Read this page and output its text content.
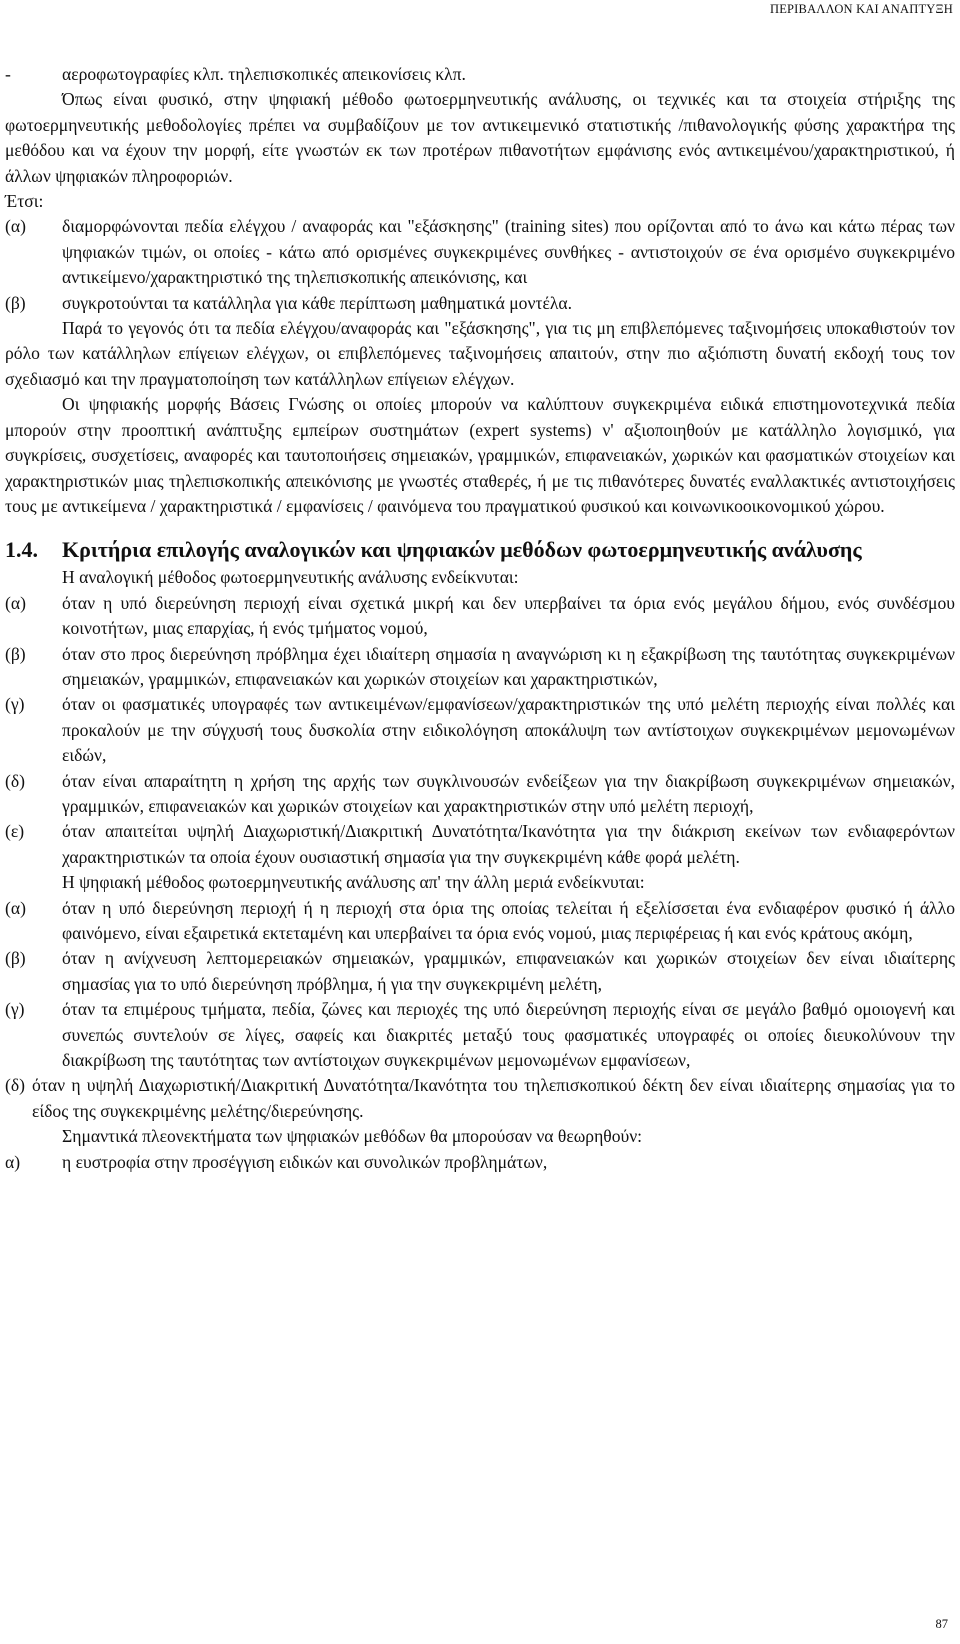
ΠΕΡΙΒΑΛΛΟΝ ΚΑΙ ΑΝΑΠΤΥΞΗ
-	αεροφωτογραφίες κλπ. τηλεπισκοπικές απεικονίσεις κλπ.

Όπως είναι φυσικό, στην ψηφιακή μέθοδο φωτοερμηνευτικής ανάλυσης, οι τεχνικές και τα στοιχεία στήριξης της φωτοερμηνευτικής μεθοδολογίες πρέπει να συμβαδίζουν με τον αντικειμενικό στατιστικής /πιθανολογικής φύσης χαρακτήρα της μεθόδου και να έχουν την μορφή, είτε γνωστών εκ των προτέρων πιθανοτήτων εμφάνισης ενός αντικειμένου/χαρακτηριστικού, ή άλλων ψηφιακών πληροφοριών.

Έτσι:

(α)	διαμορφώνονται πεδία ελέγχου / αναφοράς και "εξάσκησης" (training sites) που ορίζονται από το άνω και κάτω πέρας των ψηφιακών τιμών, οι οποίες - κάτω από ορισμένες συγκεκριμένες συνθήκες - αντιστοιχούν σε ένα ορισμένο συγκεκριμένο αντικείμενο/χαρακτηριστικό της τηλεπισκοπικής απεικόνισης, και
(β)	συγκροτούνται τα κατάλληλα για κάθε περίπτωση μαθηματικά μοντέλα.

Παρά το γεγονός ότι τα πεδία ελέγχου/αναφοράς και "εξάσκησης", για τις μη επιβλεπόμενες ταξινομήσεις υποκαθιστούν τον ρόλο των κατάλληλων επίγειων ελέγχων, οι επιβλεπόμενες ταξινομήσεις απαιτούν, στην πιο αξιόπιστη δυνατή εκδοχή τους τον σχεδιασμό και την πραγματοποίηση των κατάλληλων επίγειων ελέγχων.

Οι ψηφιακής μορφής Βάσεις Γνώσης οι οποίες μπορούν να καλύπτουν συγκεκριμένα ειδικά επιστημονοτεχνικά πεδία μπορούν στην προοπτική ανάπτυξης εμπείρων συστημάτων (expert systems) ν' αξιοποιηθούν με κατάλληλο λογισμικό, για συγκρίσεις, συσχετίσεις, αναφορές και ταυτοποιήσεις σημειακών, γραμμικών, επιφανειακών, χωρικών και φασματικών στοιχείων και χαρακτηριστικών μιας τηλεπισκοπικής απεικόνισης με γνωστές σταθερές, ή με τις πιθανότερες δυνατές εναλλακτικές αντιστοιχήσεις τους με αντικείμενα / χαρακτηριστικά / εμφανίσεις / φαινόμενα του πραγματικού φυσικού και κοινωνικοοικονομικού χώρου.

1.4.	Κριτήρια επιλογής αναλογικών και ψηφιακών μεθόδων φωτοερμηνευτικής ανάλυσης

Η αναλογική μέθοδος φωτοερμηνευτικής ανάλυσης ενδείκνυται:

(α)	όταν η υπό διερεύνηση περιοχή είναι σχετικά μικρή και δεν υπερβαίνει τα όρια ενός μεγάλου δήμου, ενός συνδέσμου κοινοτήτων, μιας επαρχίας, ή ενός τμήματος νομού,
(β)	όταν στο προς διερεύνηση πρόβλημα έχει ιδιαίτερη σημασία η αναγνώριση κι η εξακρίβωση της ταυτότητας συγκεκριμένων σημειακών, γραμμικών, επιφανειακών και χωρικών στοιχείων και χαρακτηριστικών,
(γ)	όταν οι φασματικές υπογραφές των αντικειμένων/εμφανίσεων/χαρακτηριστικών της υπό μελέτη περιοχής είναι πολλές και προκαλούν με την σύγχυσή τους δυσκολία στην ειδικολόγηση αποκάλυψη των αντίστοιχων συγκεκριμένων μεμονωμένων ειδών,
(δ)	όταν είναι απαραίτητη η χρήση της αρχής των συγκλινουσών ενδείξεων για την διακρίβωση συγκεκριμένων σημειακών, γραμμικών, επιφανειακών και χωρικών στοιχείων και χαρακτηριστικών στην υπό μελέτη περιοχή,
(ε)	όταν απαιτείται υψηλή Διαχωριστική/Διακριτική Δυνατότητα/Ικανότητα για την διάκριση εκείνων των ενδιαφερόντων χαρακτηριστικών τα οποία έχουν ουσιαστική σημασία για την συγκεκριμένη κάθε φορά μελέτη.

Η ψηφιακή μέθοδος φωτοερμηνευτικής ανάλυσης απ' την άλλη μεριά ενδείκνυται:

(α)	όταν η υπό διερεύνηση περιοχή ή η περιοχή στα όρια της οποίας τελείται ή εξελίσσεται ένα ενδιαφέρον φυσικό ή άλλο φαινόμενο, είναι εξαιρετικά εκτεταμένη και υπερβαίνει τα όρια ενός νομού, μιας περιφέρειας ή και ενός κράτους ακόμη,
(β)	όταν η ανίχνευση λεπτομερειακών σημειακών, γραμμικών, επιφανειακών και χωρικών στοιχείων δεν είναι ιδιαίτερης σημασίας για το υπό διερεύνηση πρόβλημα, ή για την συγκεκριμένη μελέτη,
(γ)	όταν τα επιμέρους τμήματα, πεδία, ζώνες και περιοχές της υπό διερεύνηση περιοχής είναι σε μεγάλο βαθμό ομοιογενή και συνεπώς συντελούν σε λίγες, σαφείς και διακριτές μεταξύ τους φασματικές υπογραφές οι οποίες διευκολύνουν την διακρίβωση της ταυτότητας των αντίστοιχων συγκεκριμένων μεμονωμένων εμφανίσεων,
(δ) όταν η υψηλή Διαχωριστική/Διακριτική Δυνατότητα/Ικανότητα του τηλεπισκοπικού δέκτη δεν είναι ιδιαίτερης σημασίας για το είδος της συγκεκριμένης μελέτης/διερεύνησης.

Σημαντικά πλεονεκτήματα των ψηφιακών μεθόδων θα μπορούσαν να θεωρηθούν:

α)	η ευστροφία στην προσέγγιση ειδικών και συνολικών προβλημάτων,
87
